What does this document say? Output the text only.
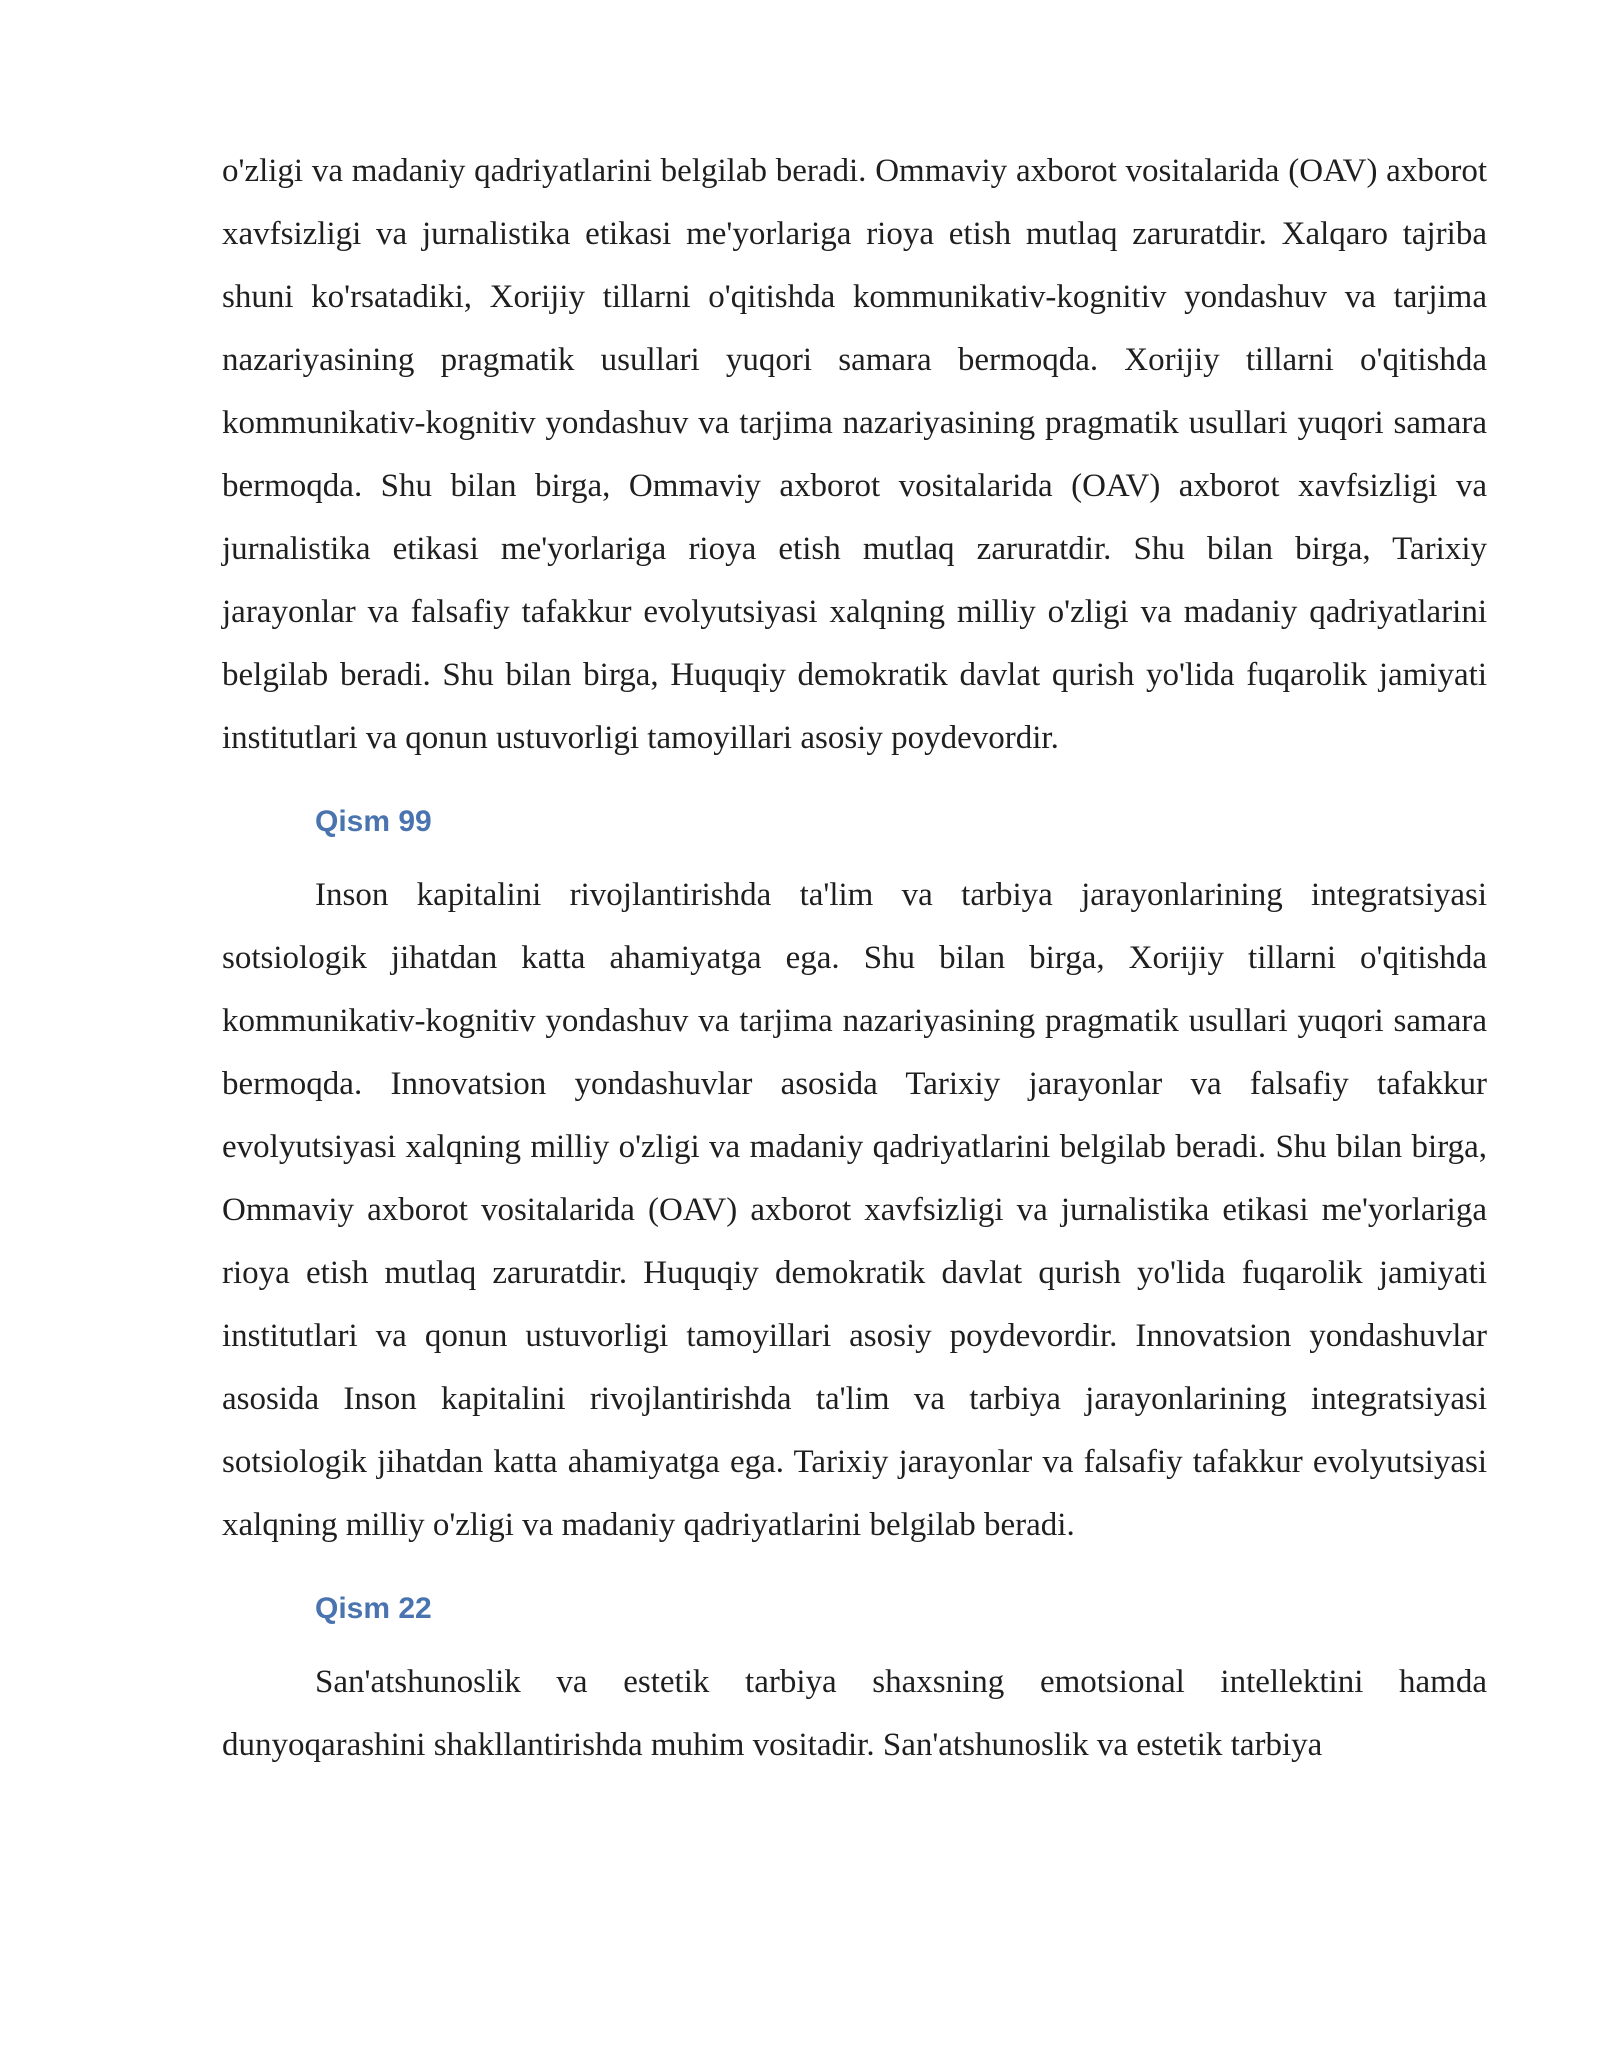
o'zligi va madaniy qadriyatlarini belgilab beradi. Ommaviy axborot vositalarida (OAV) axborot xavfsizligi va jurnalistika etikasi me'yorlariga rioya etish mutlaq zaruratdir. Xalqaro tajriba shuni ko'rsatadiki, Xorijiy tillarni o'qitishda kommunikativ-kognitiv yondashuv va tarjima nazariyasining pragmatik usullari yuqori samara bermoqda. Xorijiy tillarni o'qitishda kommunikativ-kognitiv yondashuv va tarjima nazariyasining pragmatik usullari yuqori samara bermoqda. Shu bilan birga, Ommaviy axborot vositalarida (OAV) axborot xavfsizligi va jurnalistika etikasi me'yorlariga rioya etish mutlaq zaruratdir. Shu bilan birga, Tarixiy jarayonlar va falsafiy tafakkur evolyutsiyasi xalqning milliy o'zligi va madaniy qadriyatlarini belgilab beradi. Shu bilan birga, Huquqiy demokratik davlat qurish yo'lida fuqarolik jamiyati institutlari va qonun ustuvorligi tamoyillari asosiy poydevordir.

Qism 99

Inson kapitalini rivojlantirishda ta'lim va tarbiya jarayonlarining integratsiyasi sotsiologik jihatdan katta ahamiyatga ega. Shu bilan birga, Xorijiy tillarni o'qitishda kommunikativ-kognitiv yondashuv va tarjima nazariyasining pragmatik usullari yuqori samara bermoqda. Innovatsion yondashuvlar asosida Tarixiy jarayonlar va falsafiy tafakkur evolyutsiyasi xalqning milliy o'zligi va madaniy qadriyatlarini belgilab beradi. Shu bilan birga, Ommaviy axborot vositalarida (OAV) axborot xavfsizligi va jurnalistika etikasi me'yorlariga rioya etish mutlaq zaruratdir. Huquqiy demokratik davlat qurish yo'lida fuqarolik jamiyati institutlari va qonun ustuvorligi tamoyillari asosiy poydevordir. Innovatsion yondashuvlar asosida Inson kapitalini rivojlantirishda ta'lim va tarbiya jarayonlarining integratsiyasi sotsiologik jihatdan katta ahamiyatga ega. Tarixiy jarayonlar va falsafiy tafakkur evolyutsiyasi xalqning milliy o'zligi va madaniy qadriyatlarini belgilab beradi.

Qism 22

San'atshunoslik va estetik tarbiya shaxsning emotsional intellektini hamda dunyoqarashini shakllantirishda muhim vositadir. San'atshunoslik va estetik tarbiya
